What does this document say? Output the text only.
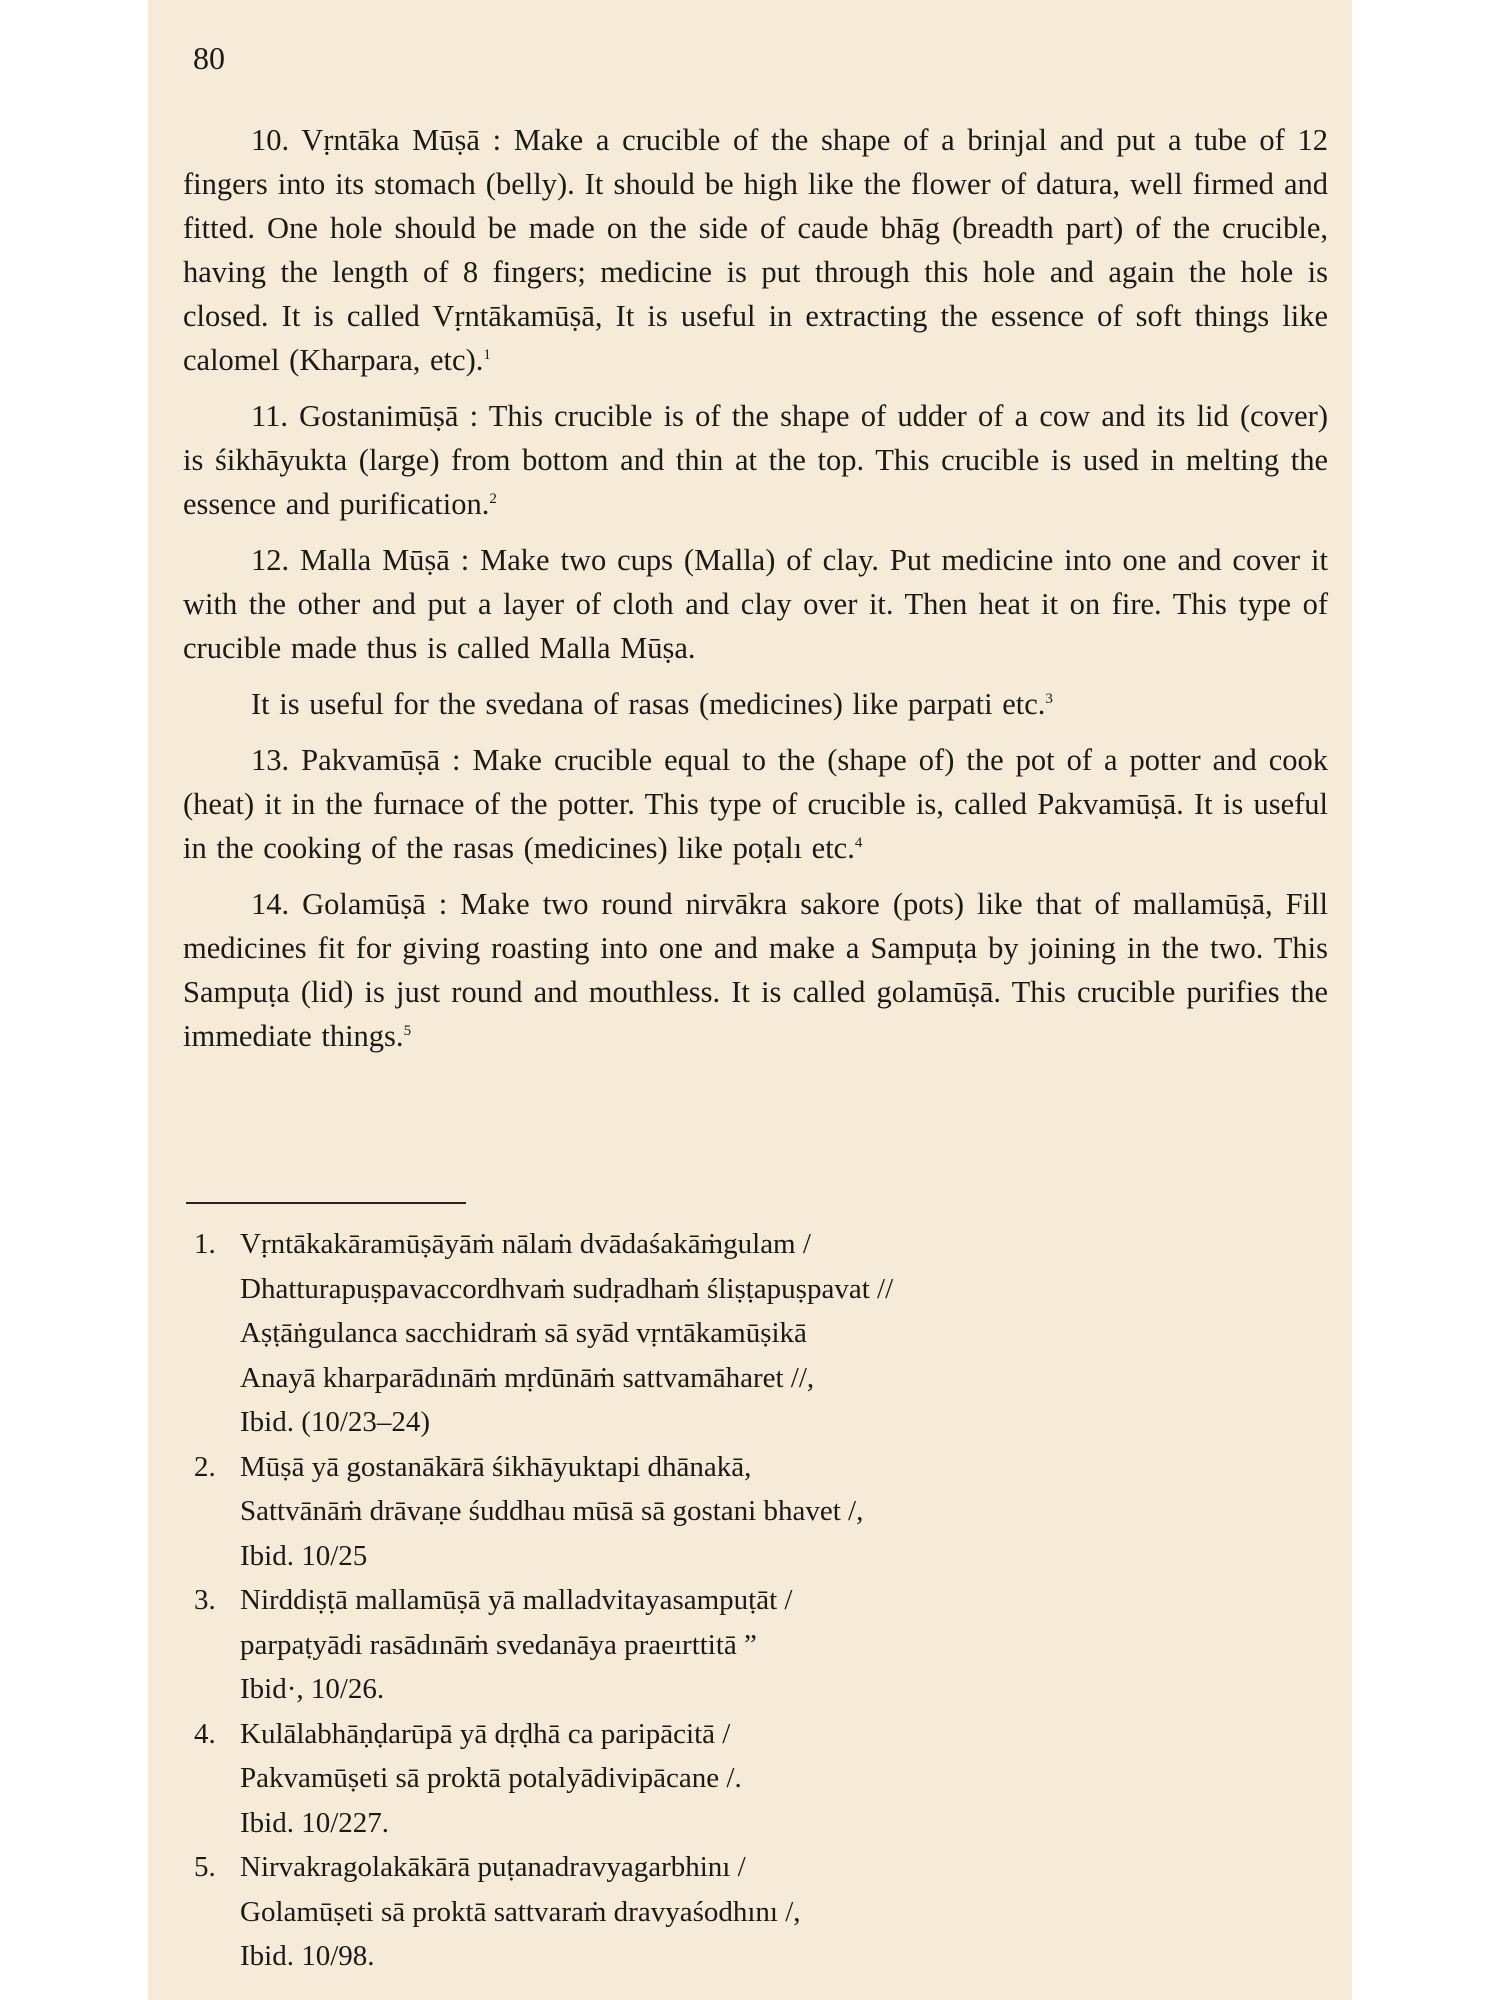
80

10. Vṛntāka Mūṣā : Make a crucible of the shape of a brinjal and put a tube of 12 fingers into its stomach (belly). It should be high like the flower of datura, well firmed and fitted. One hole should be made on the side of caude bhāg (breadth part) of the crucible, having the length of 8 fingers; medicine is put through this hole and again the hole is closed. It is called Vṛntākamūṣā, It is useful in extracting the essence of soft things like calomel (Kharpara, etc).$^1$

11. Gostanimūṣā : This crucible is of the shape of udder of a cow and its lid (cover) is śikhāyukta (large) from bottom and thin at the top. This crucible is used in melting the essence and purification.$^2$

12. Malla Mūṣā : Make two cups (Malla) of clay. Put medicine into one and cover it with the other and put a layer of cloth and clay over it. Then heat it on fire. This type of crucible made thus is called Malla Mūṣa.

It is useful for the svedana of rasas (medicines) like parpati etc.$^3$

13. Pakvamūṣā : Make crucible equal to the (shape of) the pot of a potter and cook (heat) it in the furnace of the potter. This type of crucible is, called Pakvamūṣā. It is useful in the cooking of the rasas (medicines) like poṭalı etc.$^4$

14. Golamūṣā : Make two round nirvākra sakore (pots) like that of mallamūṣā, Fill medicines fit for giving roasting into one and make a Sampuṭa by joining in the two. This Sampuṭa (lid) is just round and mouthless. It is called golamūṣā. This crucible purifies the immediate things.$^5$

1. Vṛntākakāramūṣāyāṁ nālaṁ dvādaśakāṁgulam /
Dhatturapuṣpavaccordhvaṁ sudṛadhaṁ śliṣṭapuṣpavat //
Aṣṭāṅgulanca sacchidraṁ sā syād vṛntākamūṣikā
Anayā kharparādınāṁ mṛdūnāṁ sattvamāharet //,
Ibid. (10/23–24)
2. Mūṣā yā gostanākārā śikhāyuktapi dhānakā,
Sattvānāṁ drāvaṇe śuddhau mūsā sā gostani bhavet /,
Ibid. 10/25
3. Nirddiṣṭā mallamūṣā yā malladvitayasampuṭāt /
parpaṭyādi rasādınāṁ svedanāya praeırttitā ”
Ibid·, 10/26.
4. Kulālabhāṇḍarūpā yā dṛḍhā ca paripācitā /
Pakvamūṣeti sā proktā potalyādivipācane /.
Ibid. 10/227.
5. Nirvakragolakākārā puṭanadravyagarbhinı /
Golamūṣeti sā proktā sattvaraṁ dravyaśodhını /,
Ibid. 10/98.
